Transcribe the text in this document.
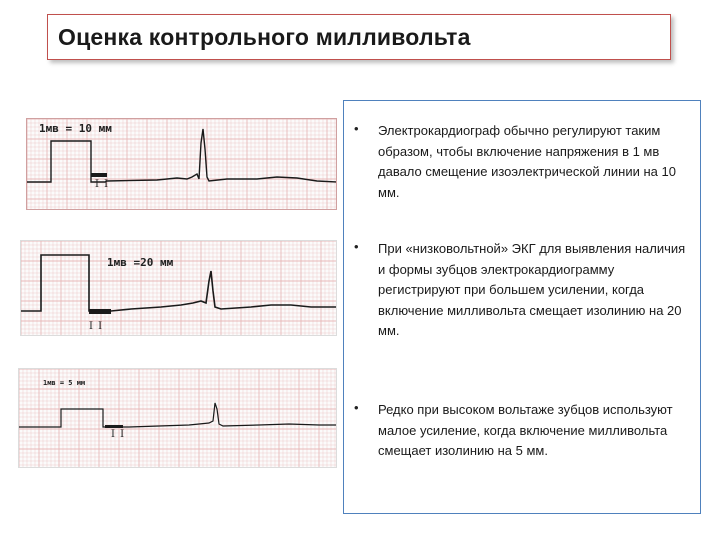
Оценка контрольного милливольта
1мв = 10 мм
I I
1мв =20 мм
I I
1мв = 5 мм
I I
• Электрокардиограф обычно регулируют таким образом, чтобы включение напряжения в 1 мв давало смещение изоэлектрической линии на 10 мм.
• При «низковольтной» ЭКГ для выявления наличия и формы зубцов электрокардиограмму регистрируют при большем усилении, когда включение милливольта смещает изолинию на 20 мм.
• Редко при высоком вольтаже зубцов используют малое усиление, когда включение милливольта смещает изолинию на 5 мм.
